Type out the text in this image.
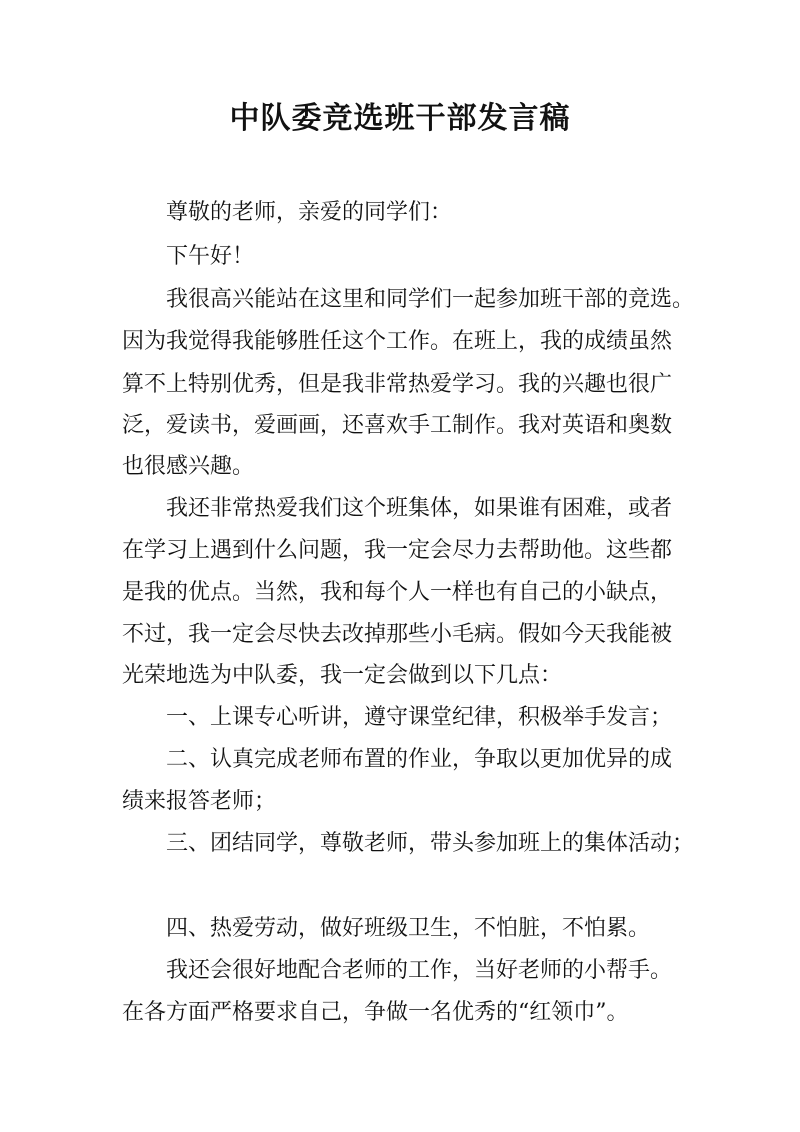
中队委竞选班干部发言稿
尊敬的老师，亲爱的同学们：
下午好！
我很高兴能站在这里和同学们一起参加班干部的竞选。
因为我觉得我能够胜任这个工作。在班上，我的成绩虽然
算不上特别优秀，但是我非常热爱学习。我的兴趣也很广
泛，爱读书，爱画画，还喜欢手工制作。我对英语和奥数
也很感兴趣。
我还非常热爱我们这个班集体，如果谁有困难，或者
在学习上遇到什么问题，我一定会尽力去帮助他。这些都
是我的优点。当然，我和每个人一样也有自己的小缺点，
不过，我一定会尽快去改掉那些小毛病。假如今天我能被
光荣地选为中队委，我一定会做到以下几点：
一、上课专心听讲，遵守课堂纪律，积极举手发言；
二、认真完成老师布置的作业，争取以更加优异的成
绩来报答老师；
三、团结同学，尊敬老师，带头参加班上的集体活动；
四、热爱劳动，做好班级卫生，不怕脏，不怕累。
我还会很好地配合老师的工作，当好老师的小帮手。
在各方面严格要求自己，争做一名优秀的“红领巾”。
